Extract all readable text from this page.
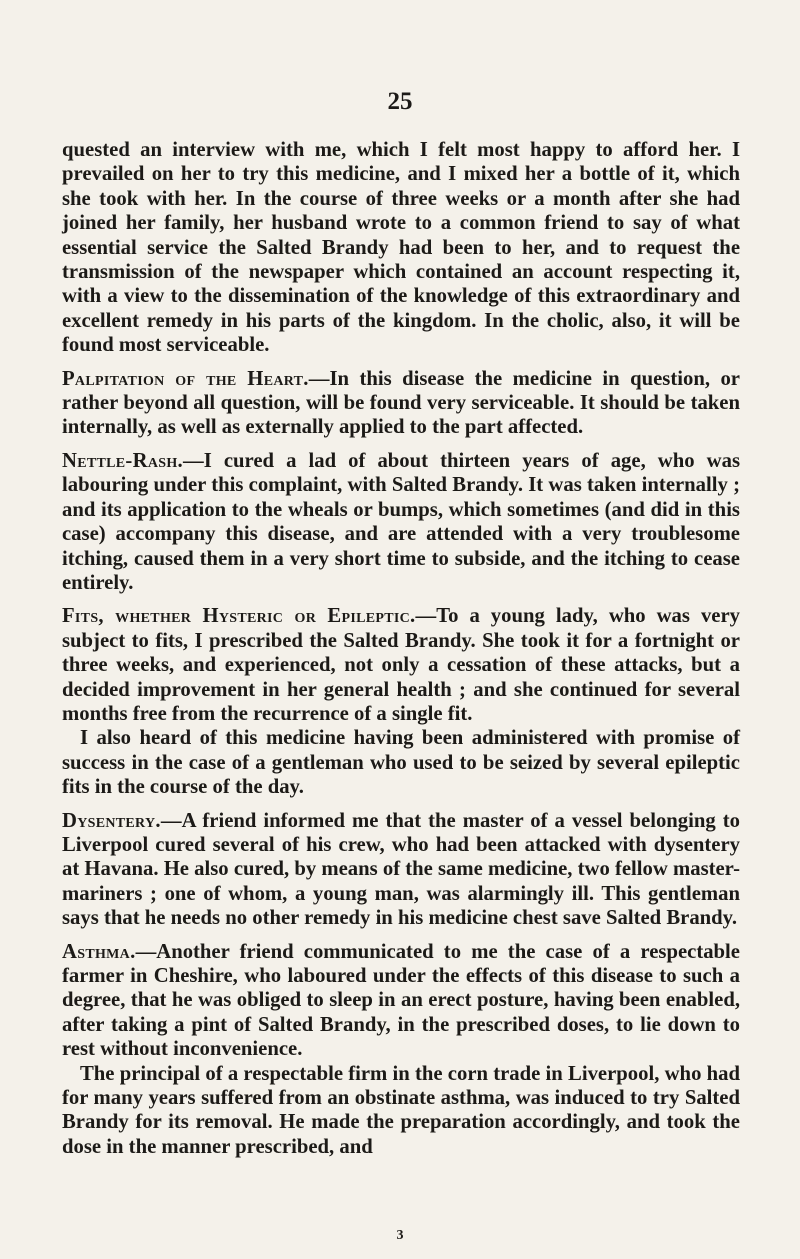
25

quested an interview with me, which I felt most happy to afford her. I prevailed on her to try this medicine, and I mixed her a bottle of it, which she took with her. In the course of three weeks or a month after she had joined her family, her husband wrote to a common friend to say of what essential service the Salted Brandy had been to her, and to request the transmission of the newspaper which contained an account respecting it, with a view to the dissemination of the knowledge of this extraordinary and excellent remedy in his parts of the kingdom. In the cholic, also, it will be found most serviceable.

Palpitation of the Heart.—In this disease the medicine in question, or rather beyond all question, will be found very serviceable. It should be taken internally, as well as externally applied to the part affected.

Nettle-Rash.—I cured a lad of about thirteen years of age, who was labouring under this complaint, with Salted Brandy. It was taken internally ; and its application to the wheals or bumps, which sometimes (and did in this case) accompany this disease, and are attended with a very troublesome itching, caused them in a very short time to subside, and the itching to cease entirely.

Fits, whether Hysteric or Epileptic.—To a young lady, who was very subject to fits, I prescribed the Salted Brandy. She took it for a fortnight or three weeks, and experienced, not only a cessation of these attacks, but a decided improvement in her general health ; and she continued for several months free from the recurrence of a single fit.

I also heard of this medicine having been administered with promise of success in the case of a gentleman who used to be seized by several epileptic fits in the course of the day.

Dysentery.—A friend informed me that the master of a vessel belonging to Liverpool cured several of his crew, who had been attacked with dysentery at Havana. He also cured, by means of the same medicine, two fellow master-mariners ; one of whom, a young man, was alarmingly ill. This gentleman says that he needs no other remedy in his medicine chest save Salted Brandy.

Asthma.—Another friend communicated to me the case of a respectable farmer in Cheshire, who laboured under the effects of this disease to such a degree, that he was obliged to sleep in an erect posture, having been enabled, after taking a pint of Salted Brandy, in the prescribed doses, to lie down to rest without inconvenience.

The principal of a respectable firm in the corn trade in Liverpool, who had for many years suffered from an obstinate asthma, was induced to try Salted Brandy for its removal. He made the preparation accordingly, and took the dose in the manner prescribed, and

3
